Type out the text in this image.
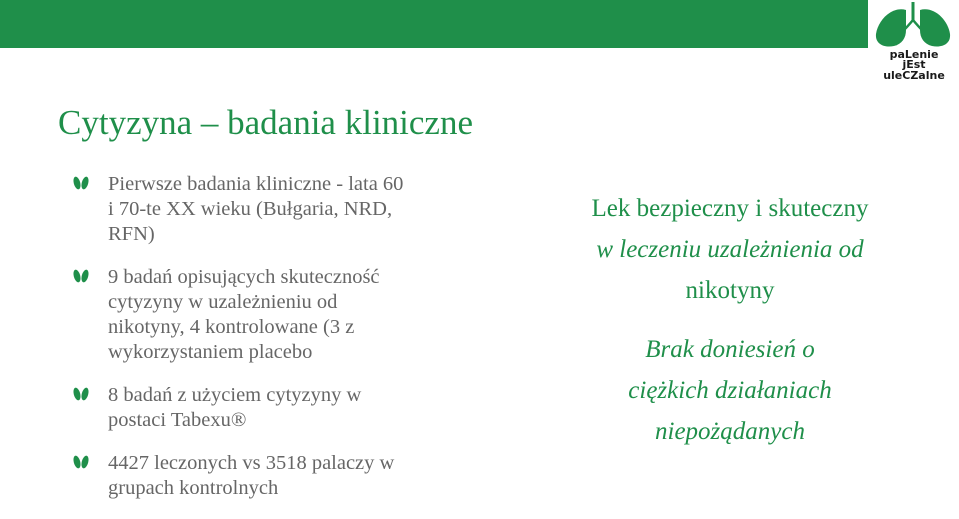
paLenie
jEst
uleCZalne
Cytyzyna – badania kliniczne
Pierwsze badania kliniczne - lata 60
i 70-te XX wieku (Bułgaria, NRD,
RFN)
9 badań opisujących skuteczność
cytyzyny w uzależnieniu od
nikotyny, 4 kontrolowane (3 z
wykorzystaniem placebo
8 badań z użyciem cytyzyny w
postaci Tabexu®
4427 leczonych vs 3518 palaczy w
grupach kontrolnych

Lek bezpieczny i skuteczny
w leczeniu uzależnienia od
nikotyny

Brak doniesień o
ciężkich działaniach
niepożądanych
